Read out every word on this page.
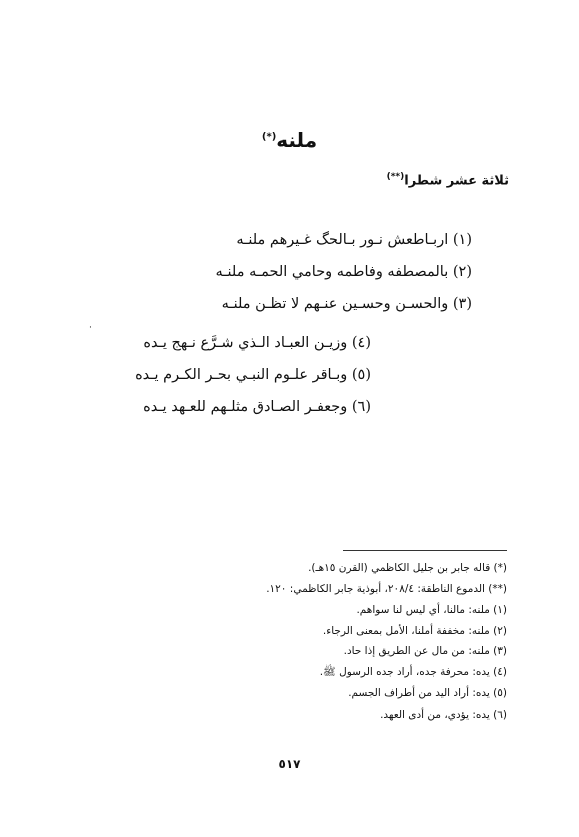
ملنه(*)
ثلاثة عشر شطرا(**)
(١) اربـاطعش نـور بـالحگ غـيرهم ملنـه
(٢) بالمصطفه وفاطمه وحامي الحمـه ملنـه
(٣) والحسـن وحسـين عنـهم لا تظـن ملنـه
(٤) وزيـن العبـاد الـذي شـرَّع نـهج يـده
(٥) وبـاقر علـوم النبـي بحـر الكـرم يـده
(٦) وجعفـر الصـادق مثلـهم للعـهد يـده
·
(*) قاله جابر بن جليل الكاظمي (القرن ١٥هـ).
(**) الدموع الناطقة: ٢٠٨/٤، أبوذية جابر الكاظمي: ١٢٠.
(١) ملنه: مالنا، أي ليس لنا سواهم.
(٢) ملنه: مخففة أملنا، الأمل بمعنى الرجاء.
(٣) ملنه: من مال عن الطريق إذا حاد.
(٤) يده: محرفة جده، أراد جده الرسول ﷺ.
(٥) يده: أراد اليد من أطراف الجسم.
(٦) يده: يؤدي، من أدى العهد.
٥١٧
